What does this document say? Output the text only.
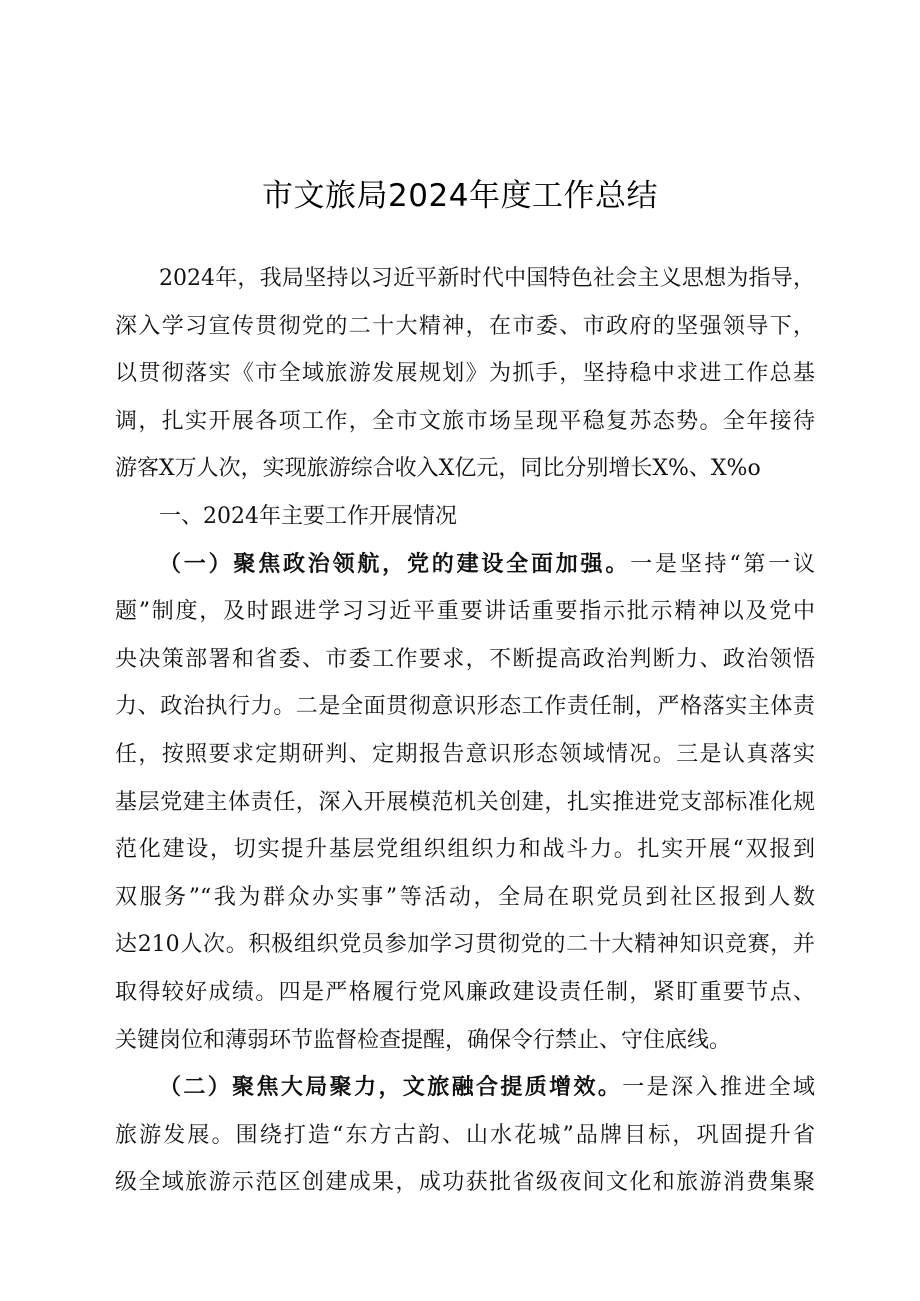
市文旅局2024年度工作总结
2024年，我局坚持以习近平新时代中国特色社会主义思想为指导，
深入学习宣传贯彻党的二十大精神，在市委、市政府的坚强领导下，
以贯彻落实《市全域旅游发展规划》为抓手，坚持稳中求进工作总基
调，扎实开展各项工作，全市文旅市场呈现平稳复苏态势。全年接待
游客X万人次，实现旅游综合收入X亿元，同比分别增长X%、X%o
一、2024年主要工作开展情况
（一）聚焦政治领航，党的建设全面加强。一是坚持“第一议
题”制度，及时跟进学习习近平重要讲话重要指示批示精神以及党中
央决策部署和省委、市委工作要求，不断提高政治判断力、政治领悟
力、政治执行力。二是全面贯彻意识形态工作责任制，严格落实主体责
任，按照要求定期研判、定期报告意识形态领域情况。三是认真落实
基层党建主体责任，深入开展模范机关创建，扎实推进党支部标准化规
范化建设，切实提升基层党组织组织力和战斗力。扎实开展“双报到
双服务”“我为群众办实事”等活动，全局在职党员到社区报到人数
达210人次。积极组织党员参加学习贯彻党的二十大精神知识竞赛，并
取得较好成绩。四是严格履行党风廉政建设责任制，紧盯重要节点、
关键岗位和薄弱环节监督检查提醒，确保令行禁止、守住底线。
（二）聚焦大局聚力，文旅融合提质增效。一是深入推进全域
旅游发展。围绕打造“东方古韵、山水花城”品牌目标，巩固提升省
级全域旅游示范区创建成果，成功获批省级夜间文化和旅游消费集聚
